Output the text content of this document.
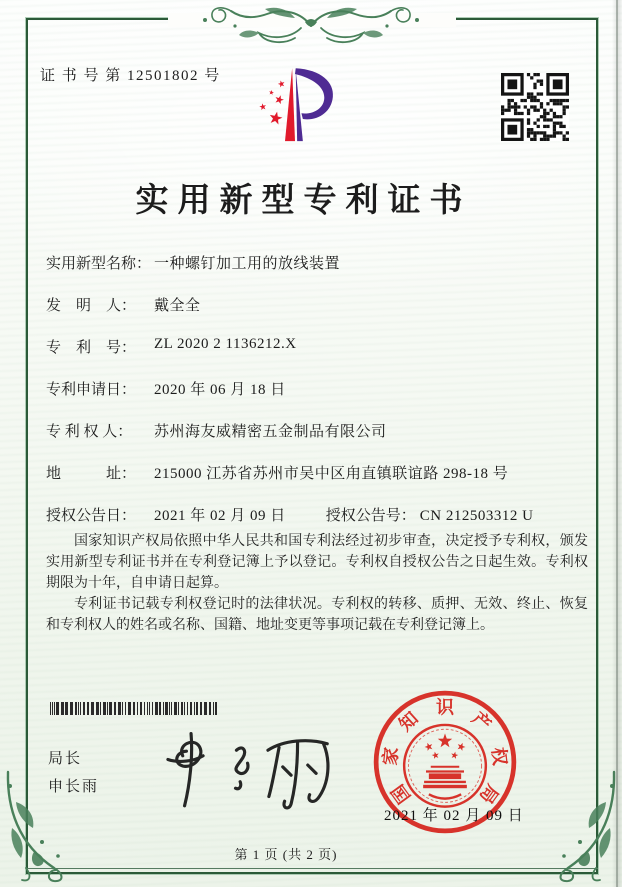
证 书 号 第 12501802 号
实用新型专利证书
实用新型名称： 一种螺钉加工用的放线装置
发　明　人： 戴全全
专　利　号： ZL 2020 2 1136212.X
专利申请日： 2020 年 06 月 18 日
专 利 权 人： 苏州海友威精密五金制品有限公司
地　　　址： 215000 江苏省苏州市吴中区甪直镇联谊路 298-18 号
授权公告日： 2021 年 02 月 09 日	授权公告号： CN 212503312 U

国家知识产权局依照中华人民共和国专利法经过初步审查，决定授予专利权，颁发实用新型专利证书并在专利登记簿上予以登记。专利权自授权公告之日起生效。专利权期限为十年，自申请日起算。

专利证书记载专利权登记时的法律状况。专利权的转移、质押、无效、终止、恢复和专利权人的姓名或名称、国籍、地址变更等事项记载在专利登记簿上。

局长
申长雨	国
家
知
识
产
权
局
2021 年 02 月 09 日
第 1 页 (共 2 页)
